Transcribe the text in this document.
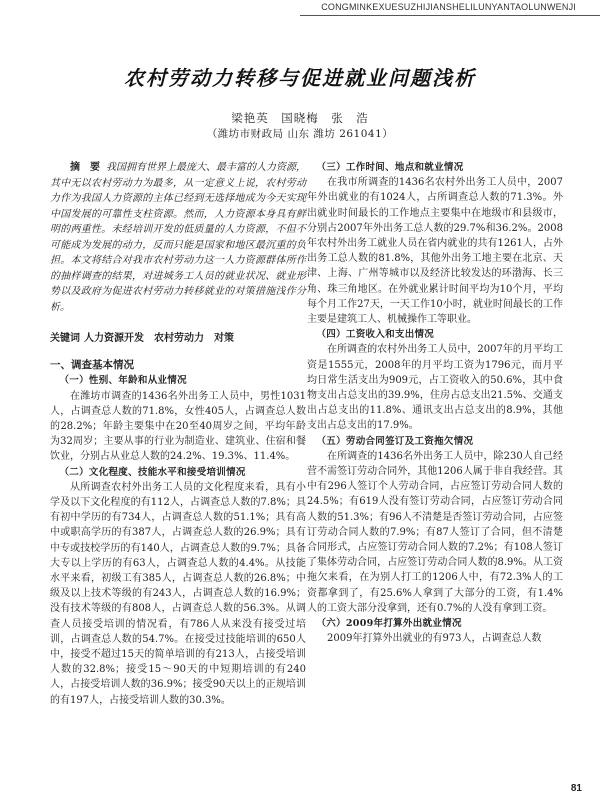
CONGMINKEXUESUZHIJIANSHELILUNYANTAOLUNWENJI
农村劳动力转移与促进就业问题浅析
梁艳英　国晓梅　张　浩
（潍坊市财政局 山东 潍坊 261041）

摘　要 我国拥有世界上最庞大、最丰富的人力资源，其中无以农村劳动力为最多，从一定意义上说，农村劳动力作为我国人力资源的主体已经到无选择地成为今天实现中国发展的可靠性支柱资源。然而，人力资源本身具有鲜明的两重性。未经培训开发的低质量的人力资源，不但不可能成为发展的动力，反而只能是国家和地区最沉重的负担。本文将结合对我市农村劳动力这一人力资源群体所作的抽样调查的结果，对进城务工人员的就业状况、就业形势以及政府为促进农村劳动力转移就业的对策措施浅作分析。

关键词 人力资源开发　农村劳动力　对策

一、调查基本情况

（一）性别、年龄和从业情况

在潍坊市调查的1436名外出务工人员中，男性1031人，占调查总人数的71.8%，女性405人，占调查总人数的28.2%；年龄主要集中在20至40周岁之间，平均年龄为32周岁；主要从事的行业为制造业、建筑业、住宿和餐饮业，分别占从业总人数的24.2%、19.3%、11.4%。

（二）文化程度、技能水平和接受培训情况

从所调查农村外出务工人员的文化程度来看，具有小学及以下文化程度的有112人，占调查总人数的7.8%；具有初中学历的有734人，占调查总人数的51.1%；具有高中或职高学历的有387人，占调查总人数的26.9%；具有中专或技校学历的有140人，占调查总人数的9.7%；具备大专以上学历的有63人，占调查总人数的4.4%。从技能水平来看，初级工有385人，占调查总人数的26.8%；中级及以上技术等级的有243人，占调查总人数的16.9%；没有技术等级的有808人，占调查总人数的56.3%。从调查人员接受培训的情况看，有786人从来没有接受过培训，占调查总人数的54.7%。在接受过技能培训的650人中，接受不超过15天的简单培训的有213人，占接受培训人数的32.8%；接受15～90天的中短期培训的有240人，占接受培训人数的36.9%；接受90天以上的正规培训的有197人，占接受培训人数的30.3%。

（三）工作时间、地点和就业情况

在我市所调查的1436名农村外出务工人员中，2007年外出就业的有1024人，占所调查总人数的71.3%。外出就业时间最长的工作地点主要集中在地级市和县级市，分别占2007年外出务工总人数的29.7%和36.2%。2008年农村外出务工就业人员在省内就业的共有1261人，占外出务工总人数的81.8%，其他外出务工地主要在北京、天津、上海、广州等城市以及经济比较发达的环渤海、长三角、珠三角地区。在外就业累计时间平均为10个月，平均每个月工作27天，一天工作10小时，就业时间最长的工作主要是建筑工人、机械操作工等职业。

（四）工资收入和支出情况

在所调查的农村外出务工人员中，2007年的月平均工资是1555元，2008年的月平均工资为1796元，而月平均日常生活支出为909元，占工资收入的50.6%，其中食物支出占总支出的39.9%，住房占总支出21.5%、交通支出占总支出的11.8%、通讯支出占总支出的8.9%，其他支出占总支出的17.9%。

（五）劳动合同签订及工资拖欠情况

在所调查的1436名外出务工人员中，除230人自己经营不需签订劳动合同外，其他1206人属于非自我经营。其中有296人签订个人劳动合同，占应签订劳动合同人数的24.5%；有619人没有签订劳动合同，占应签订劳动合同人数的51.3%；有96人不清楚是否签订劳动合同，占应签订劳动合同人数的7.9%；有87人签订了合同，但不清楚合同形式，占应签订劳动合同人数的7.2%；有108人签订了集体劳动合同，占应签订劳动合同人数的8.9%。从工资拖欠来看，在为别人打工的1206人中，有72.3%人的工资都拿到了，有25.6%人拿到了大部分的工资，有1.4%人的工资大部分没拿到，还有0.7%的人没有拿到工资。

（六）2009年打算外出就业情况

2009年打算外出就业的有973人，占调查总人数

81
